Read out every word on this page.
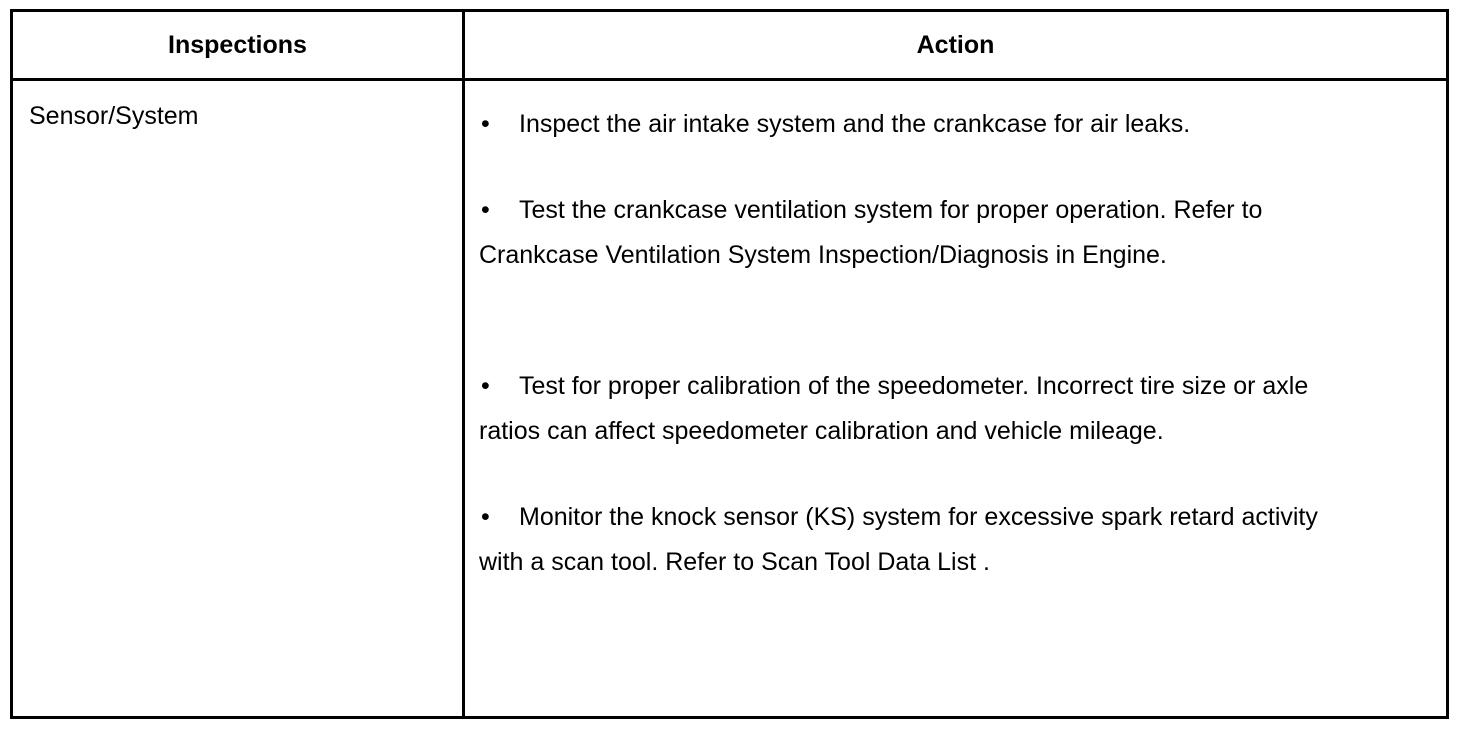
Inspections	Action
Sensor/System	• Inspect the air intake system and the crankcase for air leaks.

• Test the crankcase ventilation system for proper operation. Refer to Crankcase Ventilation System Inspection/Diagnosis in Engine.

• Test for proper calibration of the speedometer. Incorrect tire size or axle ratios can affect speedometer calibration and vehicle mileage.

• Monitor the knock sensor (KS) system for excessive spark retard activity with a scan tool. Refer to Scan Tool Data List .
